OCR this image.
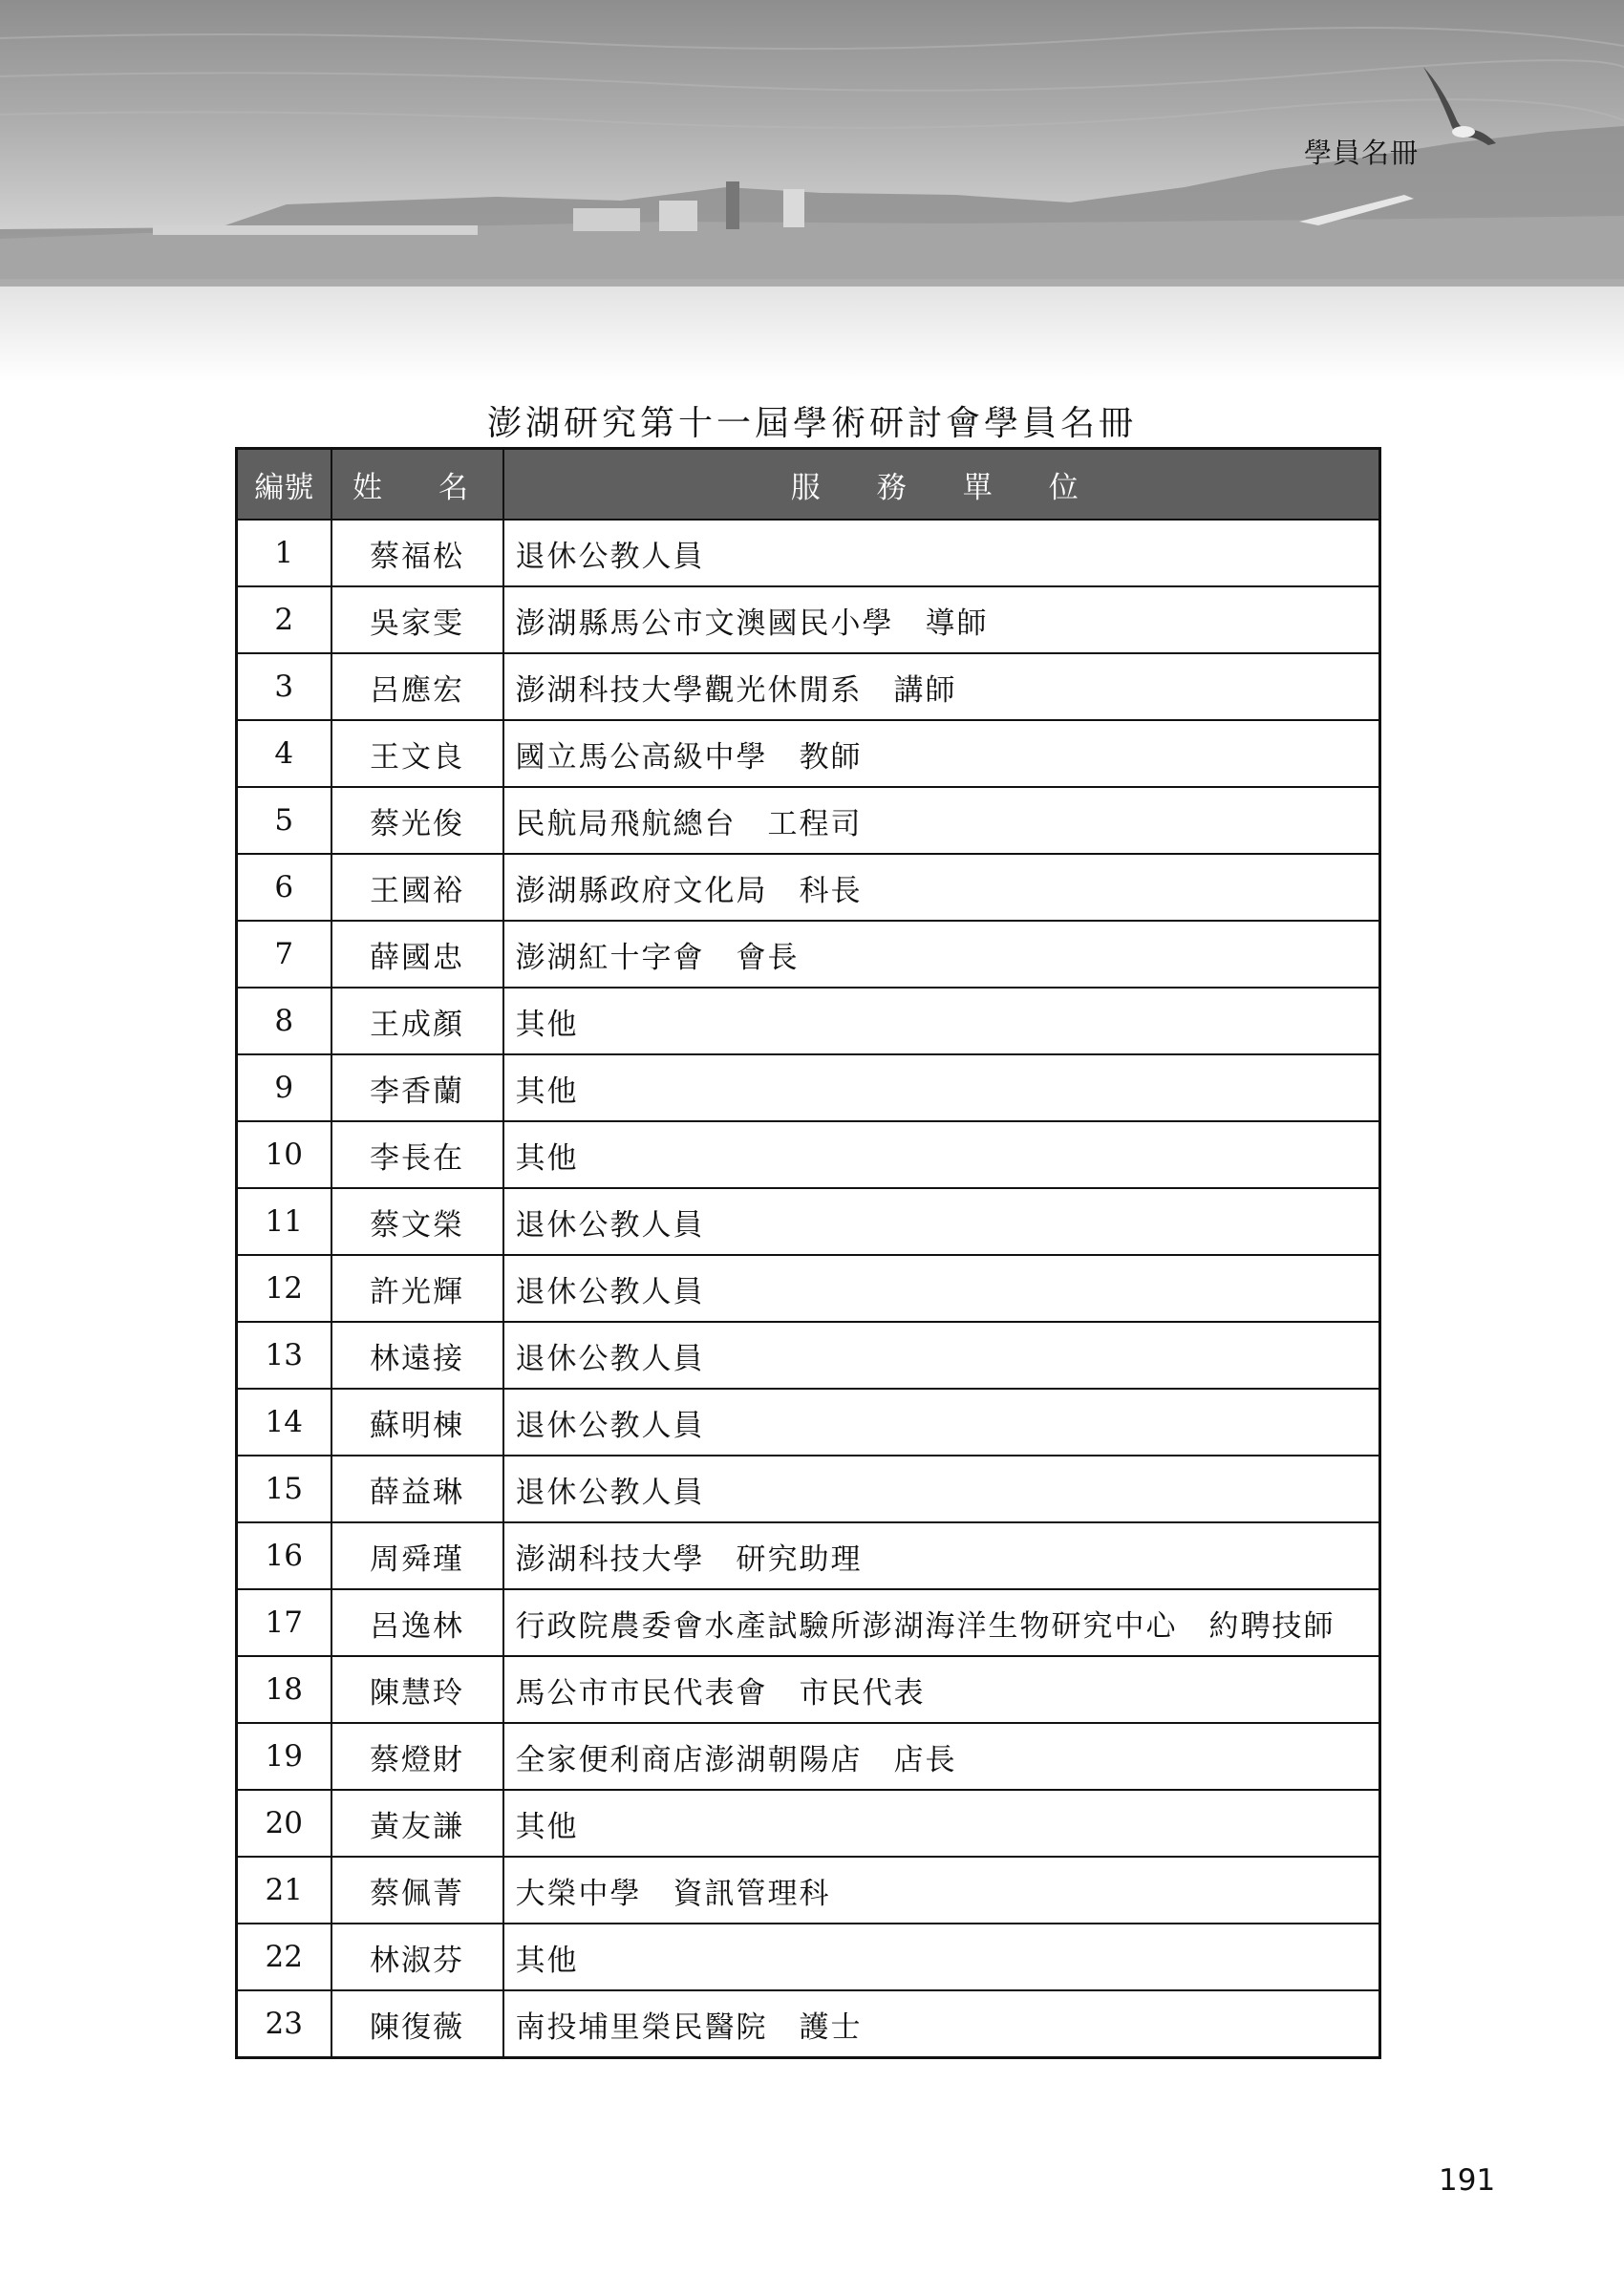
學員名冊
澎湖研究第十一屆學術研討會學員名冊
編號	姓　名	服　務　單　位
1	蔡福松	退休公教人員
2	吳家雯	澎湖縣馬公市文澳國民小學　導師
3	呂應宏	澎湖科技大學觀光休閒系　講師
4	王文良	國立馬公高級中學　教師
5	蔡光俊	民航局飛航總台　工程司
6	王國裕	澎湖縣政府文化局　科長
7	薛國忠	澎湖紅十字會　會長
8	王成顏	其他
9	李香蘭	其他
10	李長在	其他
11	蔡文榮	退休公教人員
12	許光輝	退休公教人員
13	林遠接	退休公教人員
14	蘇明棟	退休公教人員
15	薛益琳	退休公教人員
16	周舜瑾	澎湖科技大學　研究助理
17	呂逸林	行政院農委會水產試驗所澎湖海洋生物研究中心　約聘技師
18	陳慧玲	馬公市市民代表會　市民代表
19	蔡燈財	全家便利商店澎湖朝陽店　店長
20	黃友謙	其他
21	蔡佩菁	大榮中學　資訊管理科
22	林淑芬	其他
23	陳復薇	南投埔里榮民醫院　護士
191
